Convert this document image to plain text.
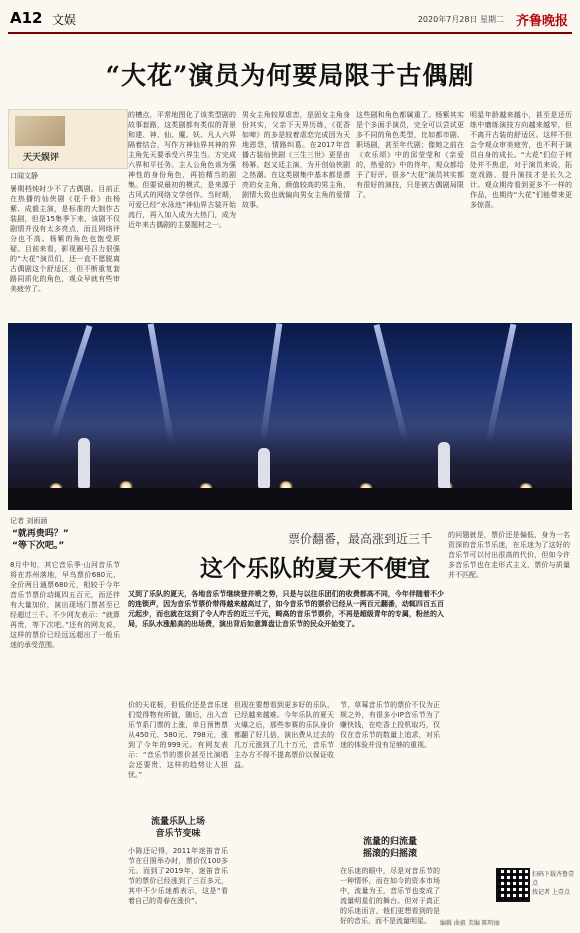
A12 文娱	2020年7月28日 星期二 齐鲁晚报
“大花”演员为何要局限于古偶剧
天天娱评
口闻文静
暑期档炖时少不了古偶剧。目前正在热播的仙侠剧《花千骨》由杨紫、成毅主演，是标准的大制作古装剧，但是15集季下来，该剧不仅剧情并没有太多亮点，而且网络评分也不高。杨紫的角色也饱受质疑。目前来看，影视圈号召力很强的“大花”演员们，还一直不愿脱离古偶剧这个舒适区，但不断重复套路同质化的角色，观众早就有些审美疲劳了。
的槽点，平常地图化了该类型剧的故事套路，这类剧都有类似的背景和建、神、仙、魔、妖、凡人六界隔着结合，写作方神仙界其神的界主角先天要承受六界生当。方完成六界和平任务。主人公角色该为强神性的身份角色，再拍精当的剧集。但要说最初的模式，是来源于古风式的网络文学创作。当时期，可爱已经“水泳池”神仙界古装开始流行，再入加入成为大热门，成为近年来古偶剧的主要题材之一。
男女主角较厚虐恋，是固女主角身份其实，父亲下天界历练，《花香如啼》的多是较着虐恋完成因为天地恩怨，情路纠葛。在2017年首播古装仙侠剧《三生三世》更是由杨幂、赵又廷主演，为开创仙侠剧之热潮。在这类剧集中基本都是漂亮的女主角，颜值较高的男主角，剧情大致也就偏向男女主角的爱情故事。
这些剧和角色都属重了。杨紫其实是个多面手演员，完全可以尝试更多不同的角色类型，比如都市剧、职场剧，甚至年代剧；像她之前在《欢乐颂》中的邱莹莹和《亲爱的，热爱的》中的佟年，观众都给予了好评。很多“大花”演员其实都有很好的演技，只是被古偶剧局限了。
明星年龄越来越小，甚至是还历练中磨练演技方向越来越窄，但不离开古装的舒适区。这样不但会令观众审美疲劳，也不利于演员自身的成长。“大花”们位于何处并不焦虑，对于演员来说，拓宽戏路、提升演技才是长久之计。观众期待看到更多不一样的作品，也期待“大花”们能带来更多惊喜。
记者 刘雨涵
票价翻番，最高涨到近三千
这个乐队的夏天不便宜
又到了乐队的夏天，各地音乐节继续登井喷之势，只是与以往乐团们的收费都高不同，今年伴随着不少的连锁声，因为音乐节票价带得越来越高过了，如今音乐节的票价已经从一两百元翻番，动辄四百五百元起步，而也就在这到了令人咋舌的近三千元，畸高的音乐节票价，不再是超级青年的专属，粉丝的入局，乐队水涨船高的出场费，演出背后如意算盘让音乐节的民众开始变了。
“就再贵吗？”
“等下次吧。”
8月中旬，其它音乐季·山河音乐节将在苏州落地，早鸟票价680元，全价两日通票680元，相较于今年音乐节票价动辄四五百元，而还伴有大量加价，演出现场门票甚至已经超过三千。不少网友表示：“就算再贵，等下次吧。”还有的网友说，这样的票价已经远远超出了一般乐迷的承受范围。
价的天花板，但低价还是音乐迷们觉得物有所值，随后，出入音乐节系门票的上涨，单日预售票从450元、580元、798元，涨到了今年的999元。有网友表示：“音乐节的票价甚至比演唱会还要贵，这样的趋势让人担忧。”
流量乐队上场
音乐节变味
小陈还记得，2011年迷笛音乐节在日照举办时，票价仅100多元。而到了2019年，迷笛音乐节的票价已经涨到了三百多元，其中不少乐迷都表示，这是“看着自己的青春在涨价”。
但现在要想看到更多好的乐队，已经越来越难。今年乐队的夏天火爆之后，那些参赛的乐队身价都翻了好几倍，演出费从过去的几万元涨到了几十万元，音乐节主办方不得不提高票价以保证收益。
节，草莓音乐节的票价不仅为正规之外，有很多小IP音乐节为了赚快钱，在吃香上投机取巧，仅仅在音乐节的数量上追求，对乐迷的体验并没有足够的重视。
流量的归流量
摇滚的归摇滚
在乐迷的眼中，尽是对音乐节的一种情怀，而在如今的资本市场中，流量为王，音乐节也变成了流量明星们的舞台。但对于真正的乐迷而言，他们更想看到的是好的音乐，而不是流量明星。
的问题就是，票价还是偏低，身为一名资深的音乐节乐迷，在乐迷为了这好的音乐节可以付出很高的代价，但如今许多音乐节也在走形式主义，票价与质量并不匹配。
扫码下载齐鲁壹点
找记者 上壹点
编辑 曲毅 美编 陈明丽
